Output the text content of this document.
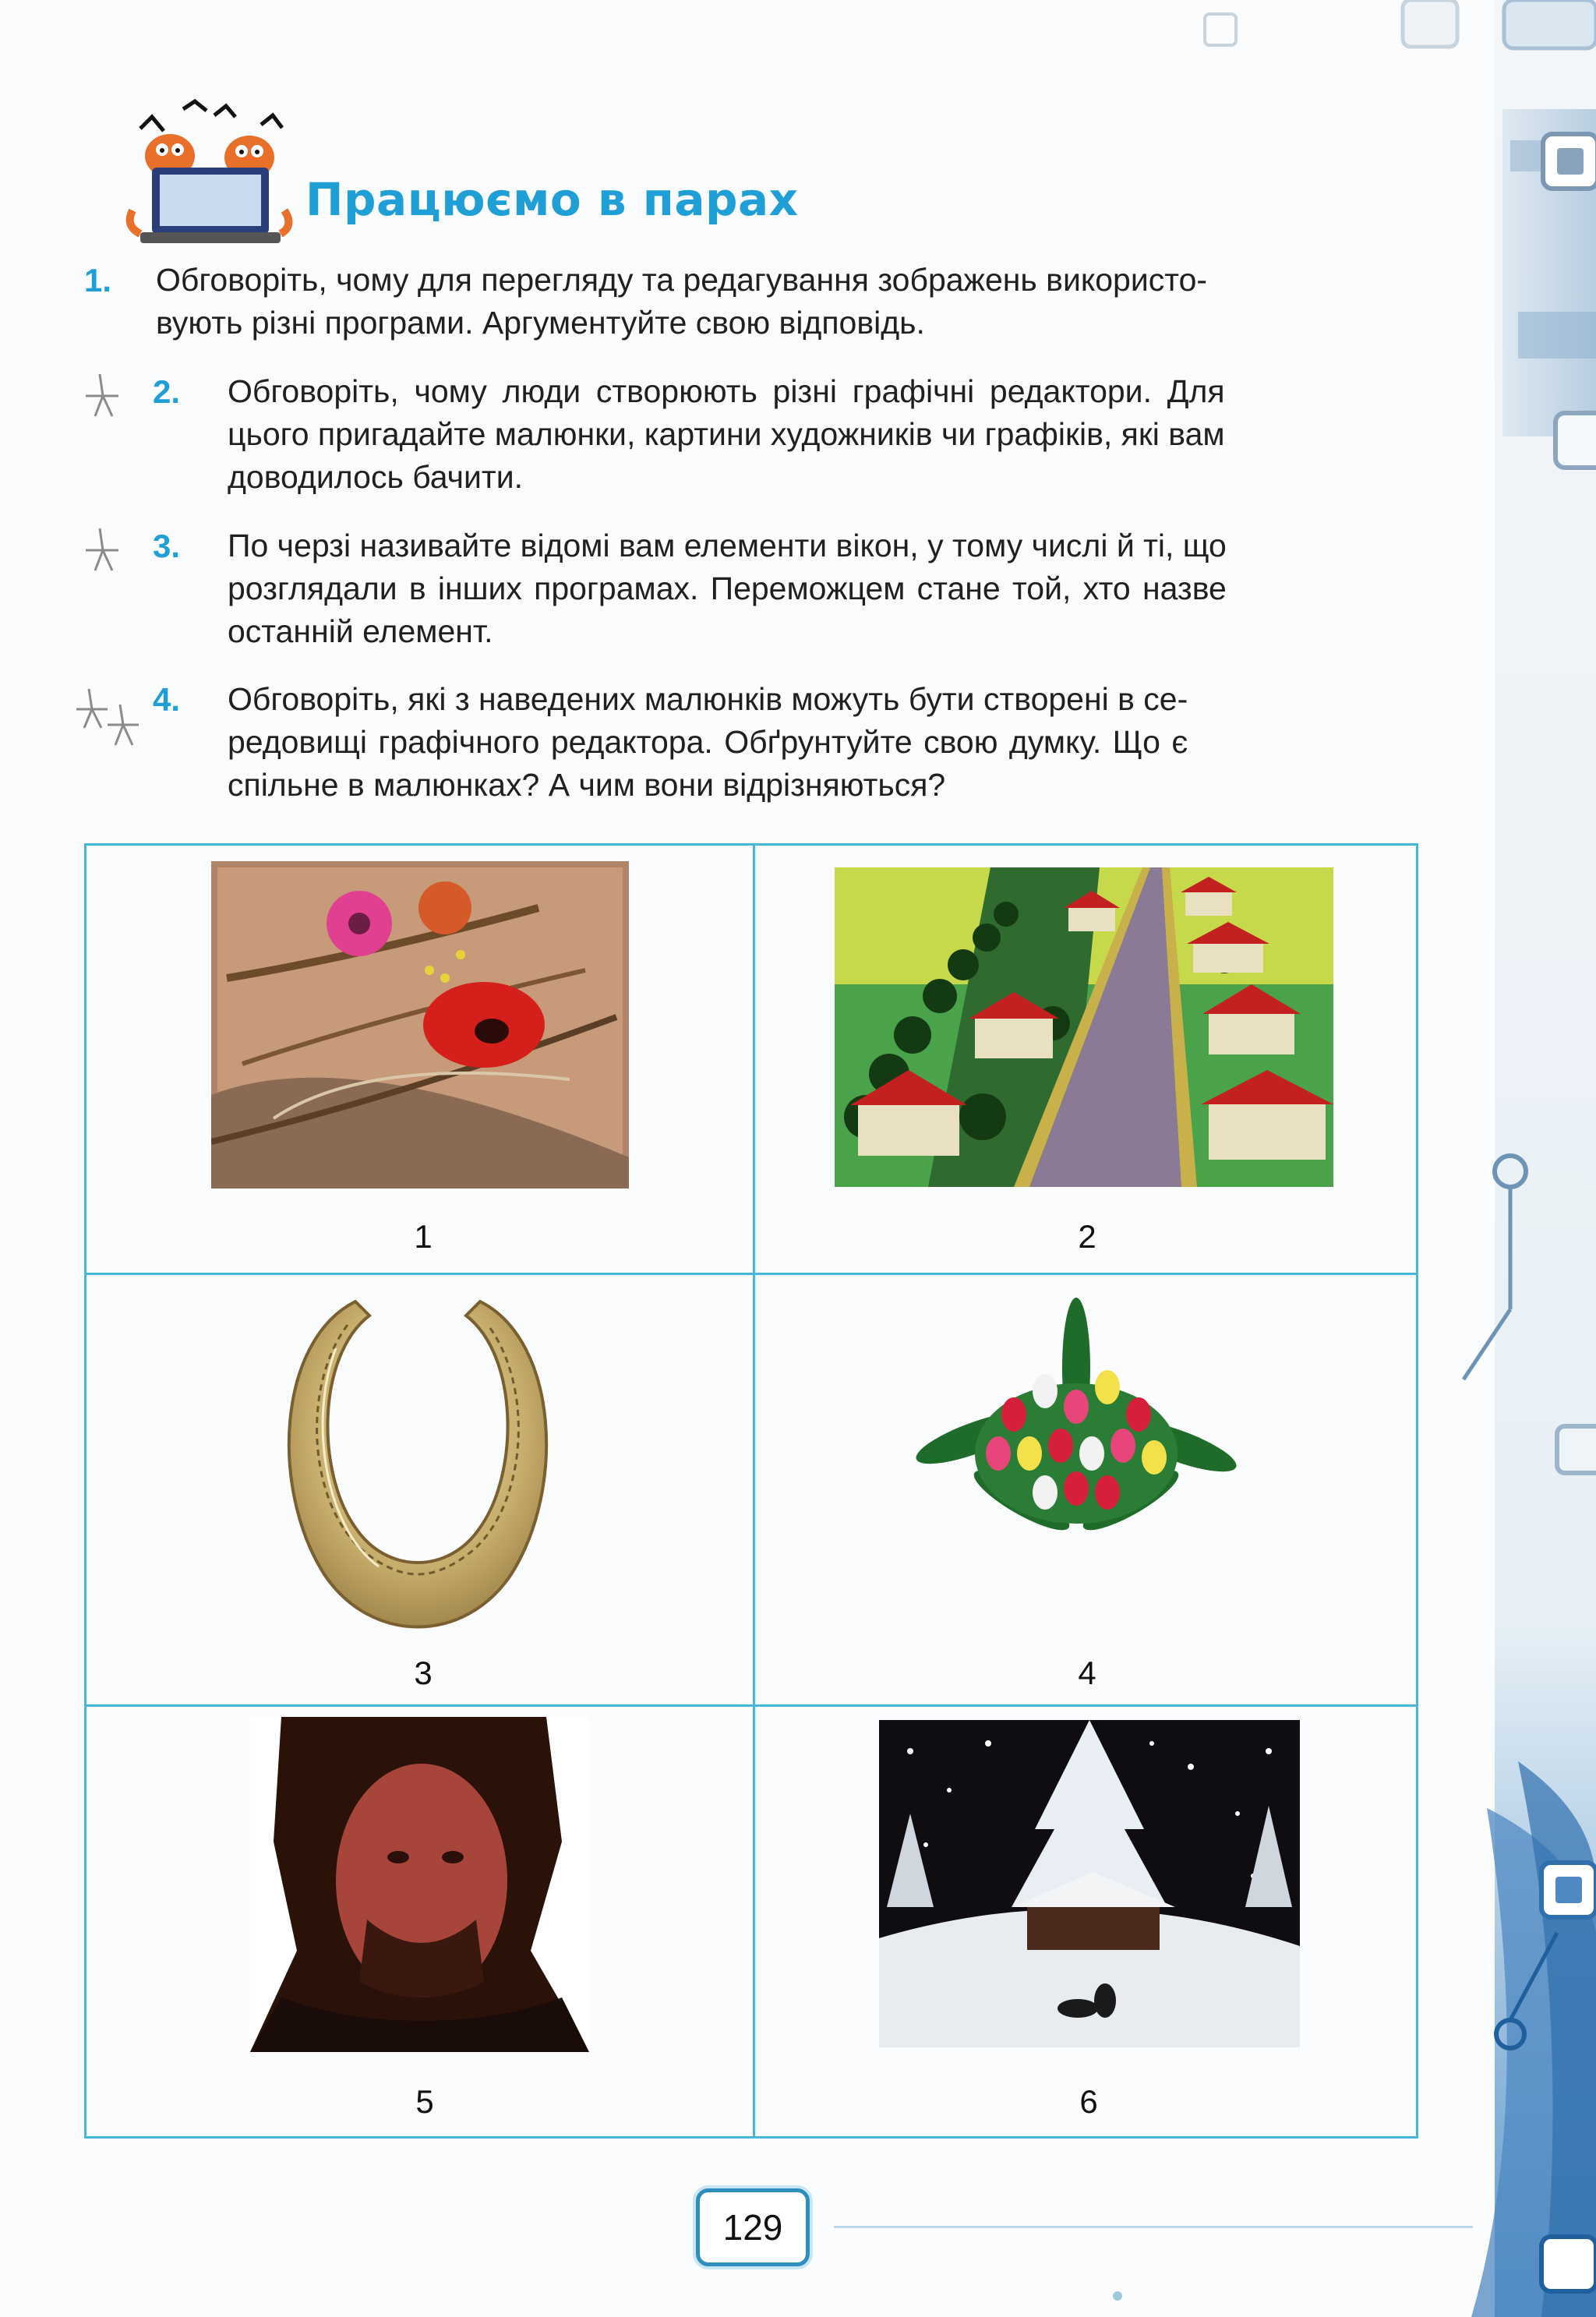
Працюємо в парах
1. Обговоріть, чому для перегляду та редагування зображень використо-
вують різні програми. Аргументуйте свою відповідь.
2. Обговоріть, чому люди створюють різні графічні редактори. Для
цього пригадайте малюнки, картини художників чи графіків, які вам
доводилось бачити.
3. По черзі називайте відомі вам елементи вікон, у тому числі й ті, що
розглядали в інших програмах. Переможцем стане той, хто назве
останній елемент.
4. Обговоріть, які з наведених малюнків можуть бути створені в се-
редовищі графічного редактора. Обґрунтуйте свою думку. Що є
спільне в малюнках? А чим вони відрізняються?
1	2
3	4
5	6
129
